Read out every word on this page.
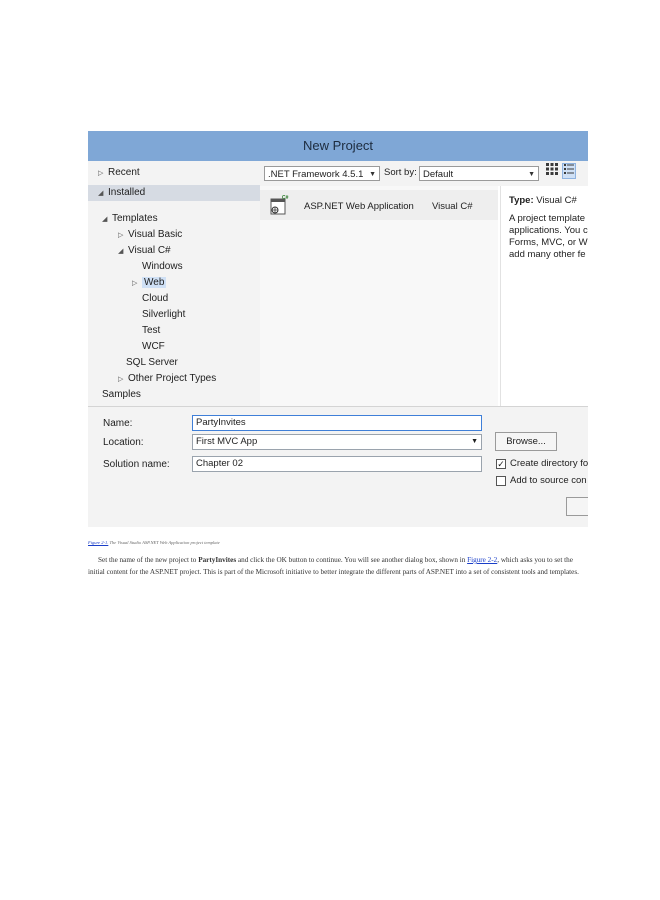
New Project
▷ Recent
◢ Installed
◢ Templates
▷ Visual Basic
◢ Visual C#
Windows
▷ Web
Cloud
Silverlight
Test
WCF
SQL Server
▷ Other Project Types
Samples
.NET Framework 4.5.1 ▼ Sort by: Default	▼
C#
ASP.NET Web Application Visual C#

Type: Visual C#

A project template

applications. You c

Forms, MVC, or W

add many other fe

Name:	PartyInvites
Location:	First MVC App	▼	Browse...
Solution name:	Chapter 02	✓ Create directory fo
Add to source con
Figure 2-1. The Visual Studio ASP.NET Web Application project template
Set the name of the new project to PartyInvites and click the OK button to continue. You will see another dialog box, shown in Figure 2-2, which asks you to set the initial content for the ASP.NET project. This is part of the Microsoft initiative to better integrate the different parts of ASP.NET into a set of consistent tools and templates.
